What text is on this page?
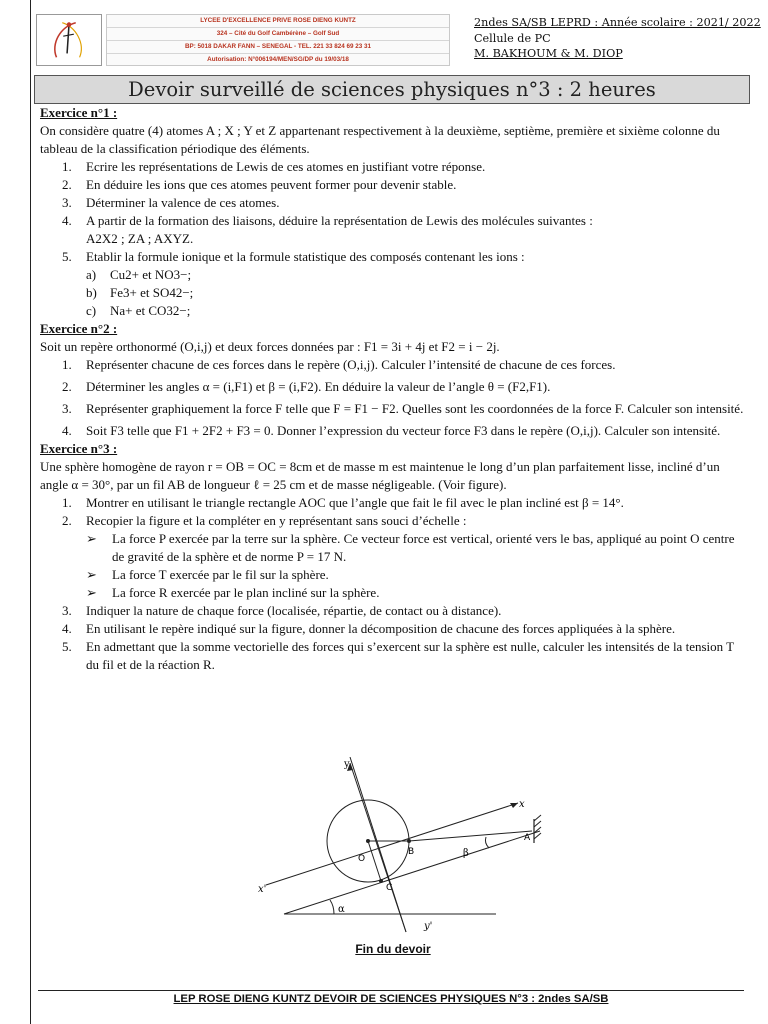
LYCEE D'EXCELLENCE PRIVE ROSE DIENG KUNTZ
324 – Cité du Golf Cambérène – Golf Sud
BP: 5018 DAKAR FANN – SENEGAL - TEL. 221 33 824 69 23 31
Autorisation: N°006194/MEN/SG/DP du 19/03/18
2ndes SA/SB LEPRD : Année scolaire : 2021/ 2022
Cellule de PC
M. BAKHOUM & M. DIOP
Devoir surveillé de sciences physiques n°3 : 2 heures
Exercice n°1 :

On considère quatre (4) atomes A ; X ; Y et Z appartenant respectivement à la deuxième, septième, première et sixième colonne du tableau de la classification périodique des éléments.

1. Ecrire les représentations de Lewis de ces atomes en justifiant votre réponse.
2. En déduire les ions que ces atomes peuvent former pour devenir stable.
3. Déterminer la valence de ces atomes.
4. A partir de la formation des liaisons, déduire la représentation de Lewis des molécules suivantes :
A2X2 ; ZA ; AXYZ.
5. Etablir la formule ionique et la formule statistique des composés contenant les ions :
a) Cu2+ et NO3−;
b) Fe3+ et SO42−;
c) Na+ et CO32−;
Exercice n°2 :

Soit un repère orthonormé (O,i,j) et deux forces données par : F1 = 3i + 4j et F2 = i − 2j.

1. Représenter chacune de ces forces dans le repère (O,i,j). Calculer l’intensité de chacune de ces forces.
2. Déterminer les angles α = (i,F1) et β = (i,F2). En déduire la valeur de l’angle θ = (F2,F1).
3. Représenter graphiquement la force F telle que F = F1 − F2. Quelles sont les coordonnées de la force F. Calculer son intensité.
4. Soit F3 telle que F1 + 2F2 + F3 = 0. Donner l’expression du vecteur force F3 dans le repère (O,i,j). Calculer son intensité.
Exercice n°3 :

Une sphère homogène de rayon r = OB = OC = 8cm et de masse m est maintenue le long d’un plan parfaitement lisse, incliné d’un angle α = 30°, par un fil AB de longueur ℓ = 25 cm et de masse négligeable. (Voir figure).

1. Montrer en utilisant le triangle rectangle AOC que l’angle que fait le fil avec le plan incliné est β = 14°.
2. Recopier la figure et la compléter en y représentant sans souci d’échelle :
➢ La force P exercée par la terre sur la sphère. Ce vecteur force est vertical, orienté vers le bas, appliqué au point O centre de gravité de la sphère et de norme P = 17 N.
➢ La force T exercée par le fil sur la sphère.
➢ La force R exercée par le plan incliné sur la sphère.
3. Indiquer la nature de chaque force (localisée, répartie, de contact ou à distance).
4. En utilisant le repère indiqué sur la figure, donner la décomposition de chacune des forces appliquées à la sphère.
5. En admettant que la somme vectorielle des forces qui s’exercent sur la sphère est nulle, calculer les intensités de la tension T du fil et de la réaction R.
y
x
A
B
O
C
β
α
x'
y'
Fin du devoir
LEP ROSE DIENG KUNTZ DEVOIR DE SCIENCES PHYSIQUES N°3 : 2ndes SA/SB
